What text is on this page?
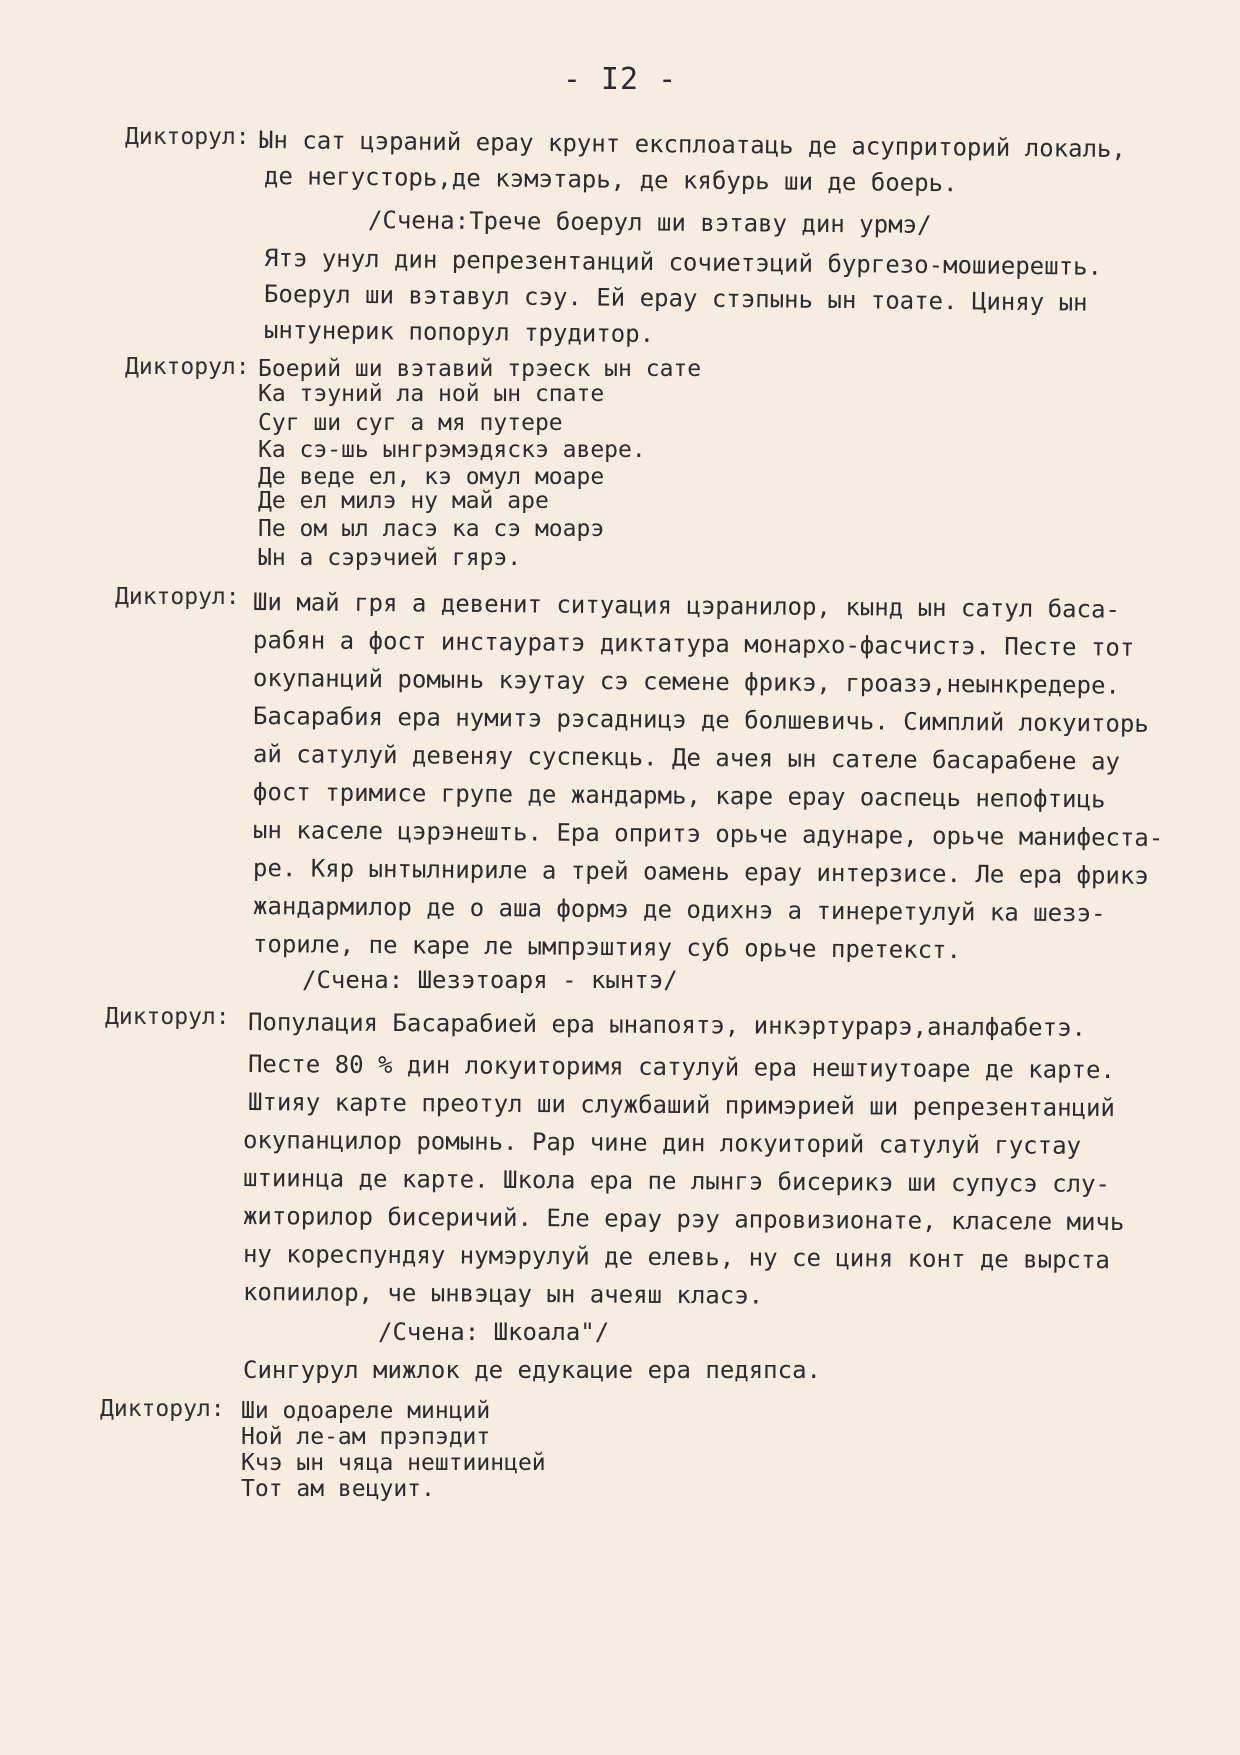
- I2 -
Дикторул: Ын сат цэраний ерау крунт експлоатаць де асуприторий локаль,
де негусторь,де кэмэтарь, де кябурь ши де боерь.
/Счена:Трече боерул ши вэтаву дин урмэ/
Ятэ унул дин репрезентанций сочиетэций бургезо-мошиерешть.
Боерул ши вэтавул сэу. Ей ерау стэпынь ын тоате. Циняу ын
ынтунерик попорул трудитор.
Дикторул: Боерий ши вэтавий трэеск ын сате
Ка тэуний ла ной ын спате
Суг ши суг а мя путере
Ка сэ-шь ынгрэмэдяскэ авере.
Де веде ел, кэ омул моаре
Де ел милэ ну май аре
Пе ом ыл ласэ ка сэ моарэ
Ын а сэрэчией гярэ.
Дикторул: Ши май гря а девенит ситуация цэранилор, кынд ын сатул баса-
рабян а фост инстауратэ диктатура монархо-фасчистэ. Песте тот
окупанций ромынь кэутау сэ семене фрикэ, гроазэ,неынкредере.
Басарабия ера нумитэ рэсадницэ де болшевичь. Симплий локуиторь
ай сатулуй девеняу суспекць. Де ачея ын сателе басарабене ау
фост тримисе групе де жандармь, каре ерау оаспець непофтиць
ын каселе цэрэнешть. Ера опритэ орьче адунаре, орьче манифеста-
ре. Кяр ынтылнириле а трей оамень ерау интерзисе. Ле ера фрикэ
жандармилор де о аша формэ де одихнэ а тинеретулуй ка шезэ-
ториле, пе каре ле ымпрэштияу суб орьче претекст.
/Счена: Шезэтоаря - кынтэ/
Дикторул: Популация Басарабией ера ынапоятэ, инкэртурарэ,аналфабетэ.
Песте 80 % дин локуиторимя сатулуй ера нештиутоаре де карте.
Штияу карте преотул ши службаший примэрией ши репрезентанций
окупанцилор ромынь. Рар чине дин локуиторий сатулуй густау
штиинца де карте. Школа ера пе лынгэ бисерикэ ши супусэ слу-
житорилор бисеричий. Еле ерау рэу апровизионате, класеле мичь
ну кореспундяу нумэрулуй де елевь, ну се циня конт де вырста
копиилор, че ынвэцау ын ачеяш класэ.
/Счена: Шкоала"/
Сингурул мижлок де едукацие ера педяпса.
Дикторул: Ши одоареле минций
Ной ле-ам прэпэдит
Кчэ ын чяца нештиинцей
Тот ам вецуит.
